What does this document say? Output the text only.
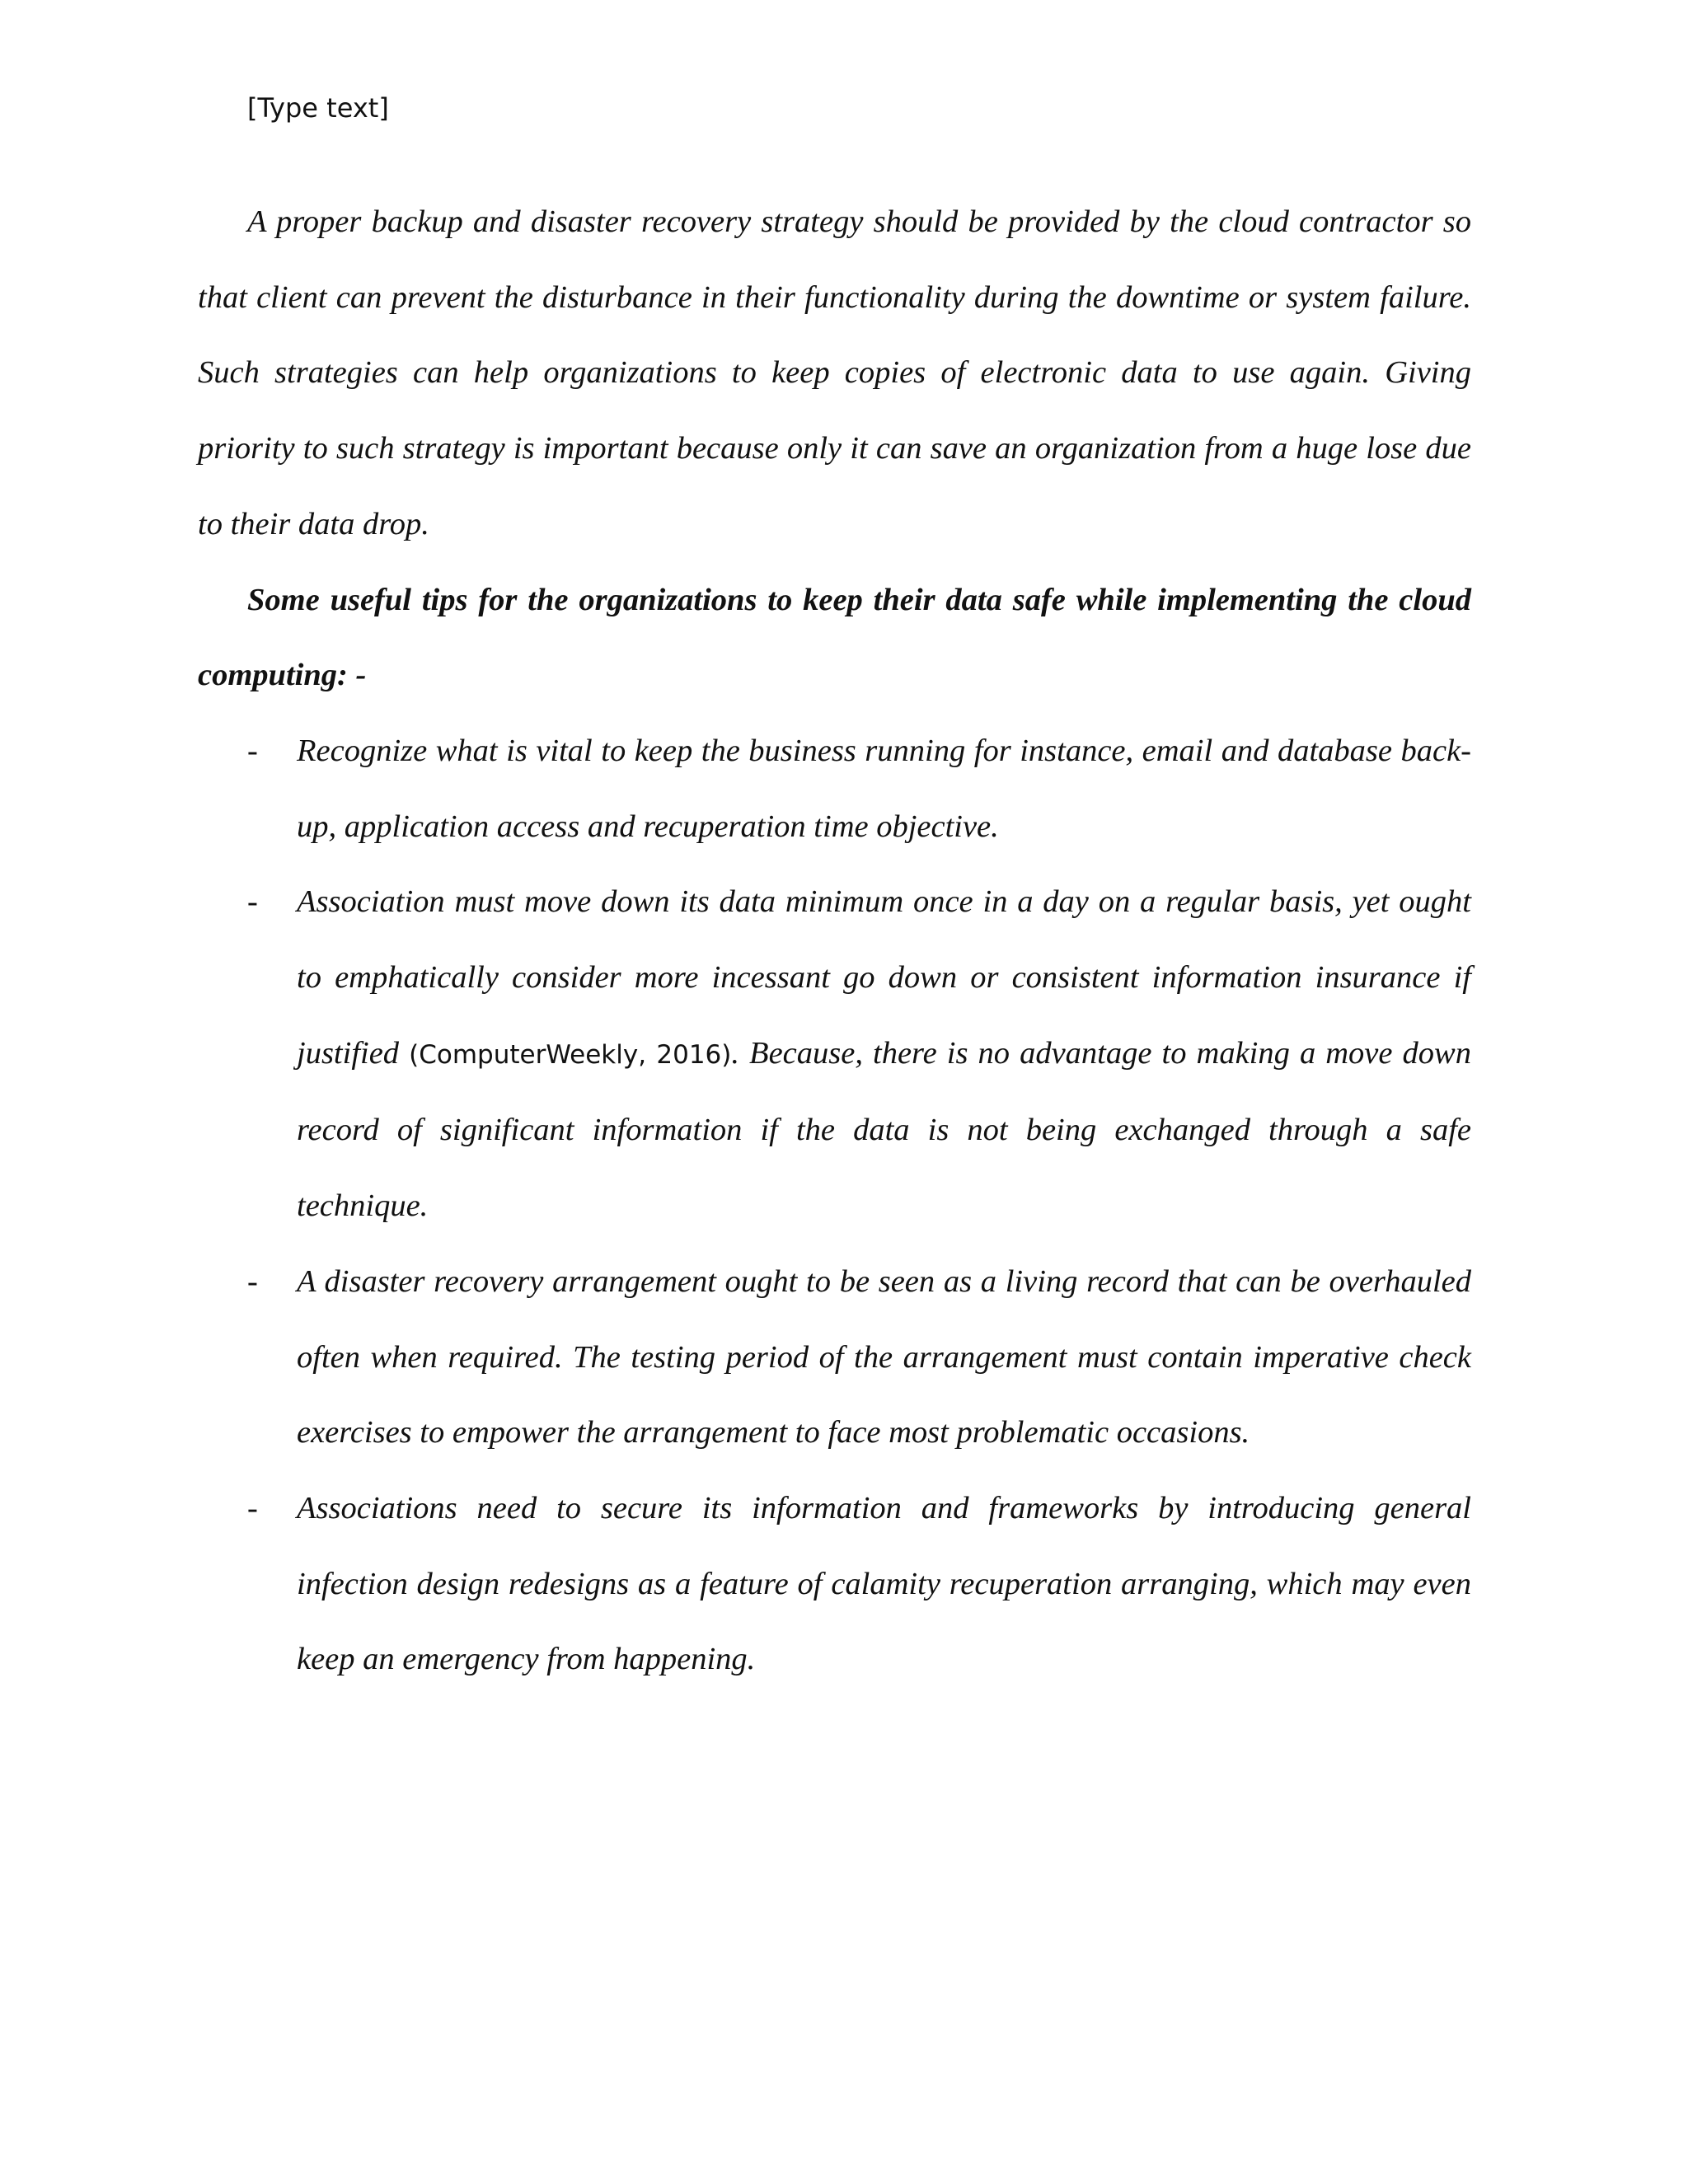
[Type text]

A proper backup and disaster recovery strategy should be provided by the cloud contractor so that client can prevent the disturbance in their functionality during the downtime or system failure. Such strategies can help organizations to keep copies of electronic data to use again. Giving priority to such strategy is important because only it can save an organization from a huge lose due to their data drop.

Some useful tips for the organizations to keep their data safe while implementing the cloud computing: -

- Recognize what is vital to keep the business running for instance, email and database back-up, application access and recuperation time objective.
- Association must move down its data minimum once in a day on a regular basis, yet ought to emphatically consider more incessant go down or consistent information insurance if justified (ComputerWeekly, 2016). Because, there is no advantage to making a move down record of significant information if the data is not being exchanged through a safe technique.
- A disaster recovery arrangement ought to be seen as a living record that can be overhauled often when required. The testing period of the arrangement must contain imperative check exercises to empower the arrangement to face most problematic occasions.
- Associations need to secure its information and frameworks by introducing general infection design redesigns as a feature of calamity recuperation arranging, which may even keep an emergency from happening.
